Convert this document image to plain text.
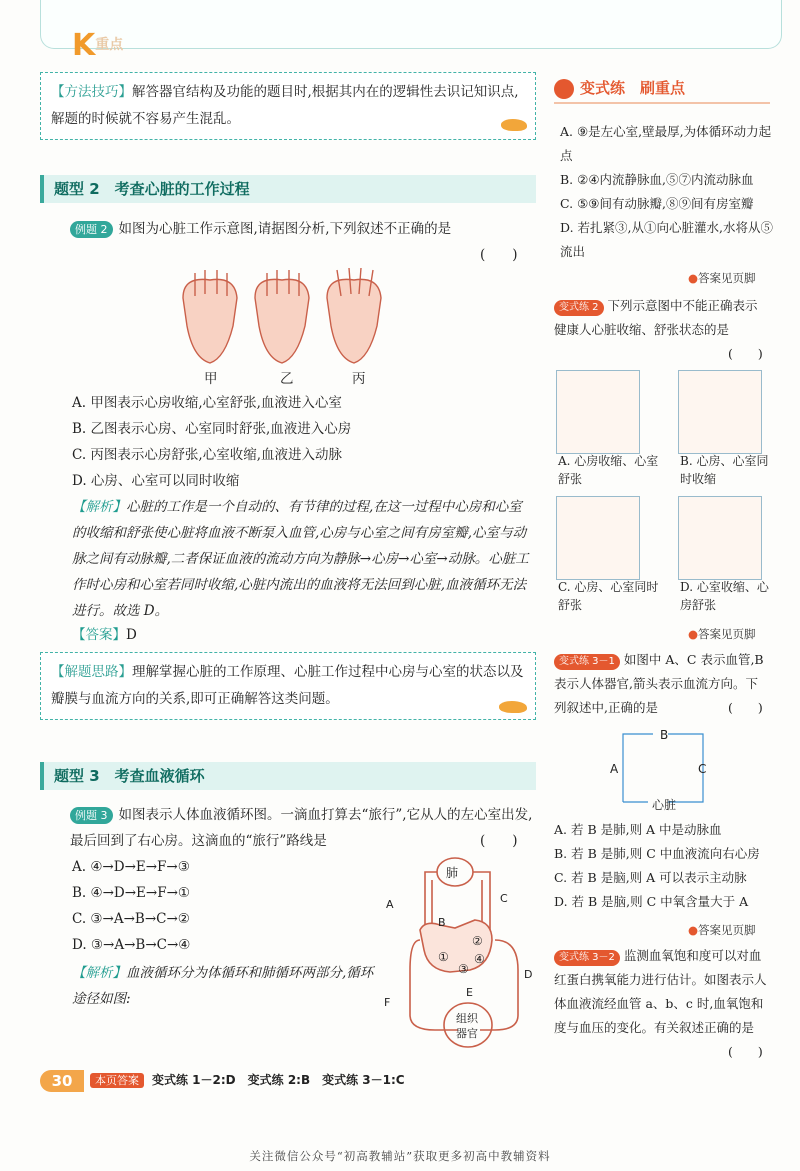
K重点
【方法技巧】解答器官结构及功能的题目时,根据其内在的逻辑性去识记知识点,解题的时候就不容易产生混乱。
题型 2　考查心脏的工作过程
例题 2 如图为心脏工作示意图,请据图分析,下列叙述不正确的是
(　　)
甲	乙	丙
A. 甲图表示心房收缩,心室舒张,血液进入心室
B. 乙图表示心房、心室同时舒张,血液进入心房
C. 丙图表示心房舒张,心室收缩,血液进入动脉
D. 心房、心室可以同时收缩
【解析】心脏的工作是一个自动的、有节律的过程,在这一过程中心房和心室的收缩和舒张使心脏将血液不断泵入血管,心房与心室之间有房室瓣,心室与动脉之间有动脉瓣,二者保证血液的流动方向为静脉→心房→心室→动脉。心脏工作时心房和心室若同时收缩,心脏内流出的血液将无法回到心脏,血液循环无法进行。故选 D。
【答案】D
【解题思路】理解掌握心脏的工作原理、心脏工作过程中心房与心室的状态以及瓣膜与血流方向的关系,即可正确解答这类问题。
题型 3　考查血液循环
例题 3 如图表示人体血液循环图。一滴血打算去“旅行”,它从人的左心室出发,最后回到了右心房。这滴血的“旅行”路线是	(　　)
A. ④→D→E→F→③
B. ④→D→E→F→①
C. ③→A→B→C→②
D. ③→A→B→C→④
【解析】血液循环分为体循环和肺循环两部分,循环途径如图:
肺
组织
器官
A
B
C
D
E
F
①
②
③
④
变式练　刷重点
A. ⑨是左心室,壁最厚,为体循环动力起点
B. ②④内流静脉血,⑤⑦内流动脉血
C. ⑤⑨间有动脉瓣,⑧⑨间有房室瓣
D. 若扎紧③,从①向心脏灌水,水将从⑤流出
●答案见页脚
变式练 2 下列示意图中不能正确表示健康人心脏收缩、舒张状态的是
(　　)
A. 心房收缩、心室舒张
B. 心房、心室同时收缩
C. 心房、心室同时舒张
D. 心室收缩、心房舒张
●答案见页脚
变式练 3－1 如图中 A、C 表示血管,B 表示人体器官,箭头表示血流方向。下列叙述中,正确的是	(　　)
B
A	C
心脏
A. 若 B 是肺,则 A 中是动脉血
B. 若 B 是肺,则 C 中血液流向右心房
C. 若 B 是脑,则 A 可以表示主动脉
D. 若 B 是脑,则 C 中氧含量大于 A
●答案见页脚
变式练 3－2 监测血氧饱和度可以对血红蛋白携氧能力进行估计。如图表示人体血液流经血管 a、b、c 时,血氧饱和度与血压的变化。有关叙述正确的是
(　　)
30	本页答案 变式练 1－2:D　变式练 2:B　变式练 3－1:C
关注微信公众号“初高教辅站”获取更多初高中教辅资料
